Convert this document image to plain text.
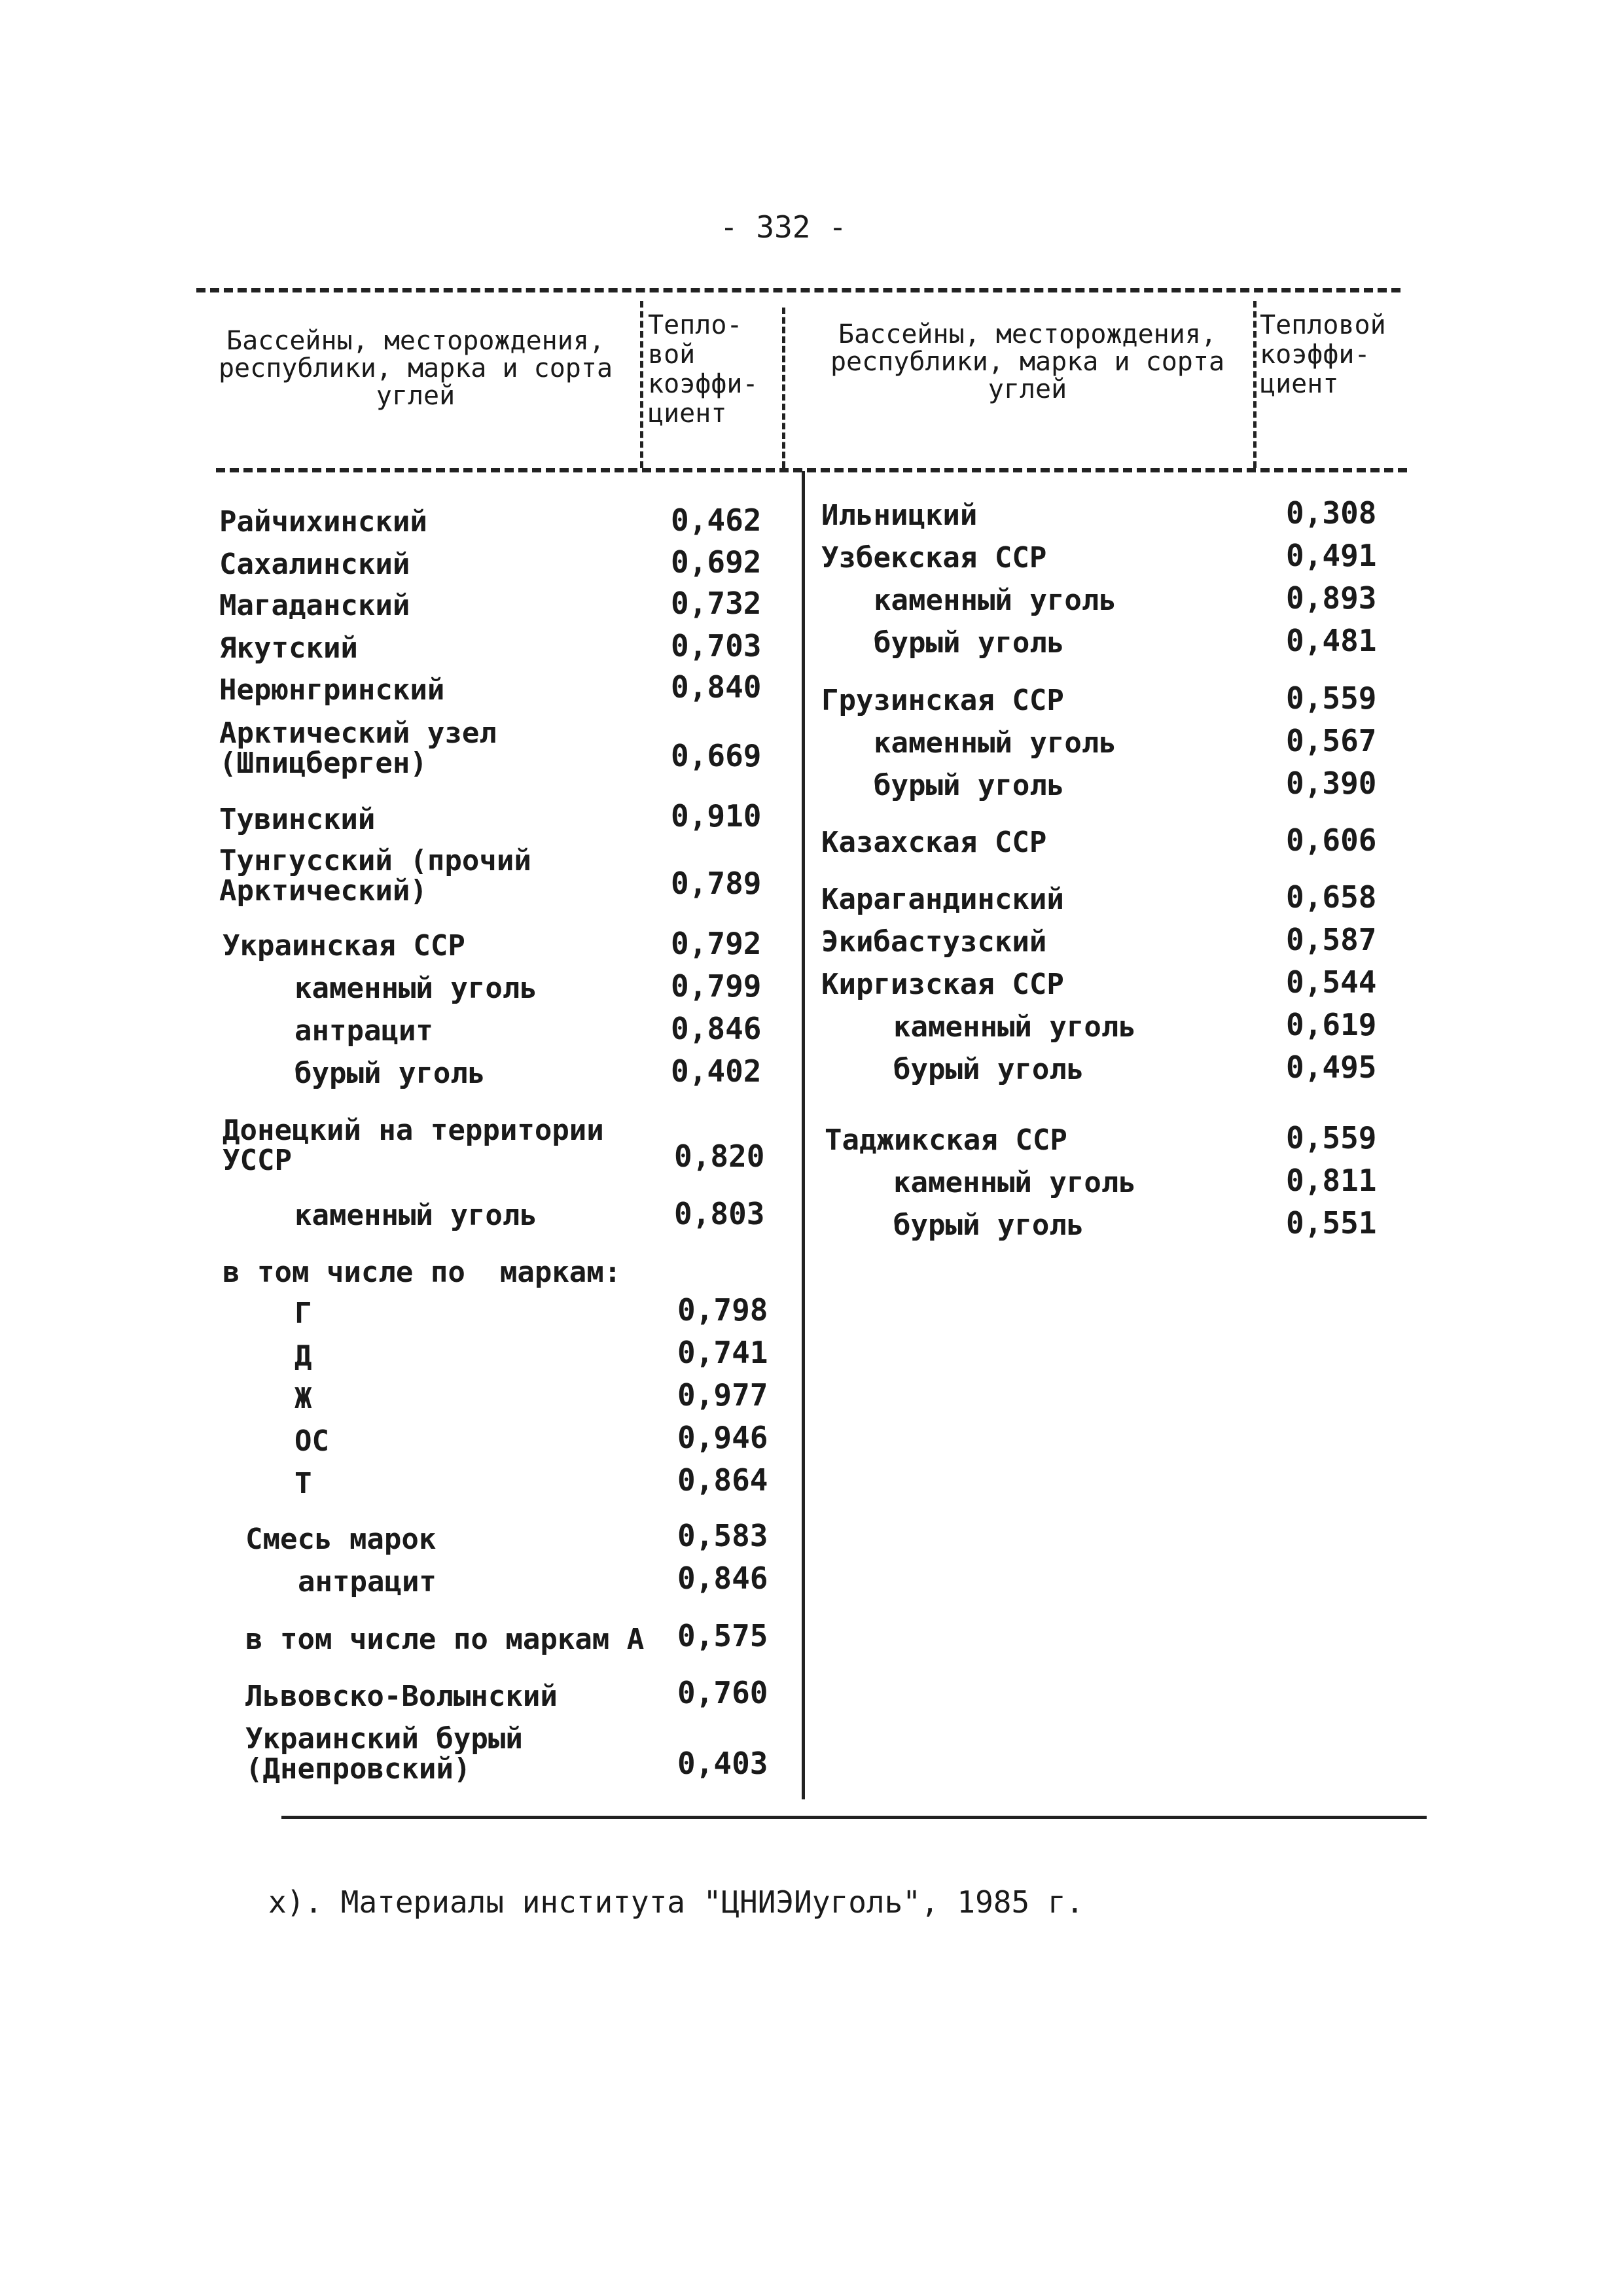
- 332 -
Бассейны, месторождения,
республики, марка и сорта
углей
Тепло-
вой
коэффи-
циент
Бассейны, месторождения,
республики, марка и сорта
углей
Тепловой
коэффи-
циент
Райчихинский	0,462
Сахалинский	0,692
Магаданский	0,732
Якутский	0,703
Нерюнгринский	0,840
Арктический узел
(Шпицберген)	0,669
Тувинский	0,910
Тунгусский (прочий
Арктический)	0,789
Украинская ССР	0,792
каменный уголь	0,799
антрацит	0,846
бурый уголь	0,402
Донецкий на территории
УССР	0,820
каменный уголь	0,803
в том числе по  маркам:
Г	0,798
Д	0,741
Ж	0,977
ОС	0,946
Т	0,864
Смесь марок	0,583
антрацит	0,846
в том числе по маркам А 0,575
Львовско-Волынский	0,760
Украинский бурый
(Днепровский)	0,403
Ильницкий	0,308
Узбекская ССР	0,491
каменный уголь	0,893
бурый уголь	0,481
Грузинская ССР	0,559
каменный уголь	0,567
бурый уголь	0,390
Казахская ССР	0,606
Карагандинский	0,658
Экибастузский	0,587
Киргизская ССР	0,544
каменный уголь	0,619
бурый уголь	0,495
Таджикская ССР	0,559
каменный уголь	0,811
бурый уголь	0,551
х). Материалы института "ЦНИЭИуголь", 1985 г.
